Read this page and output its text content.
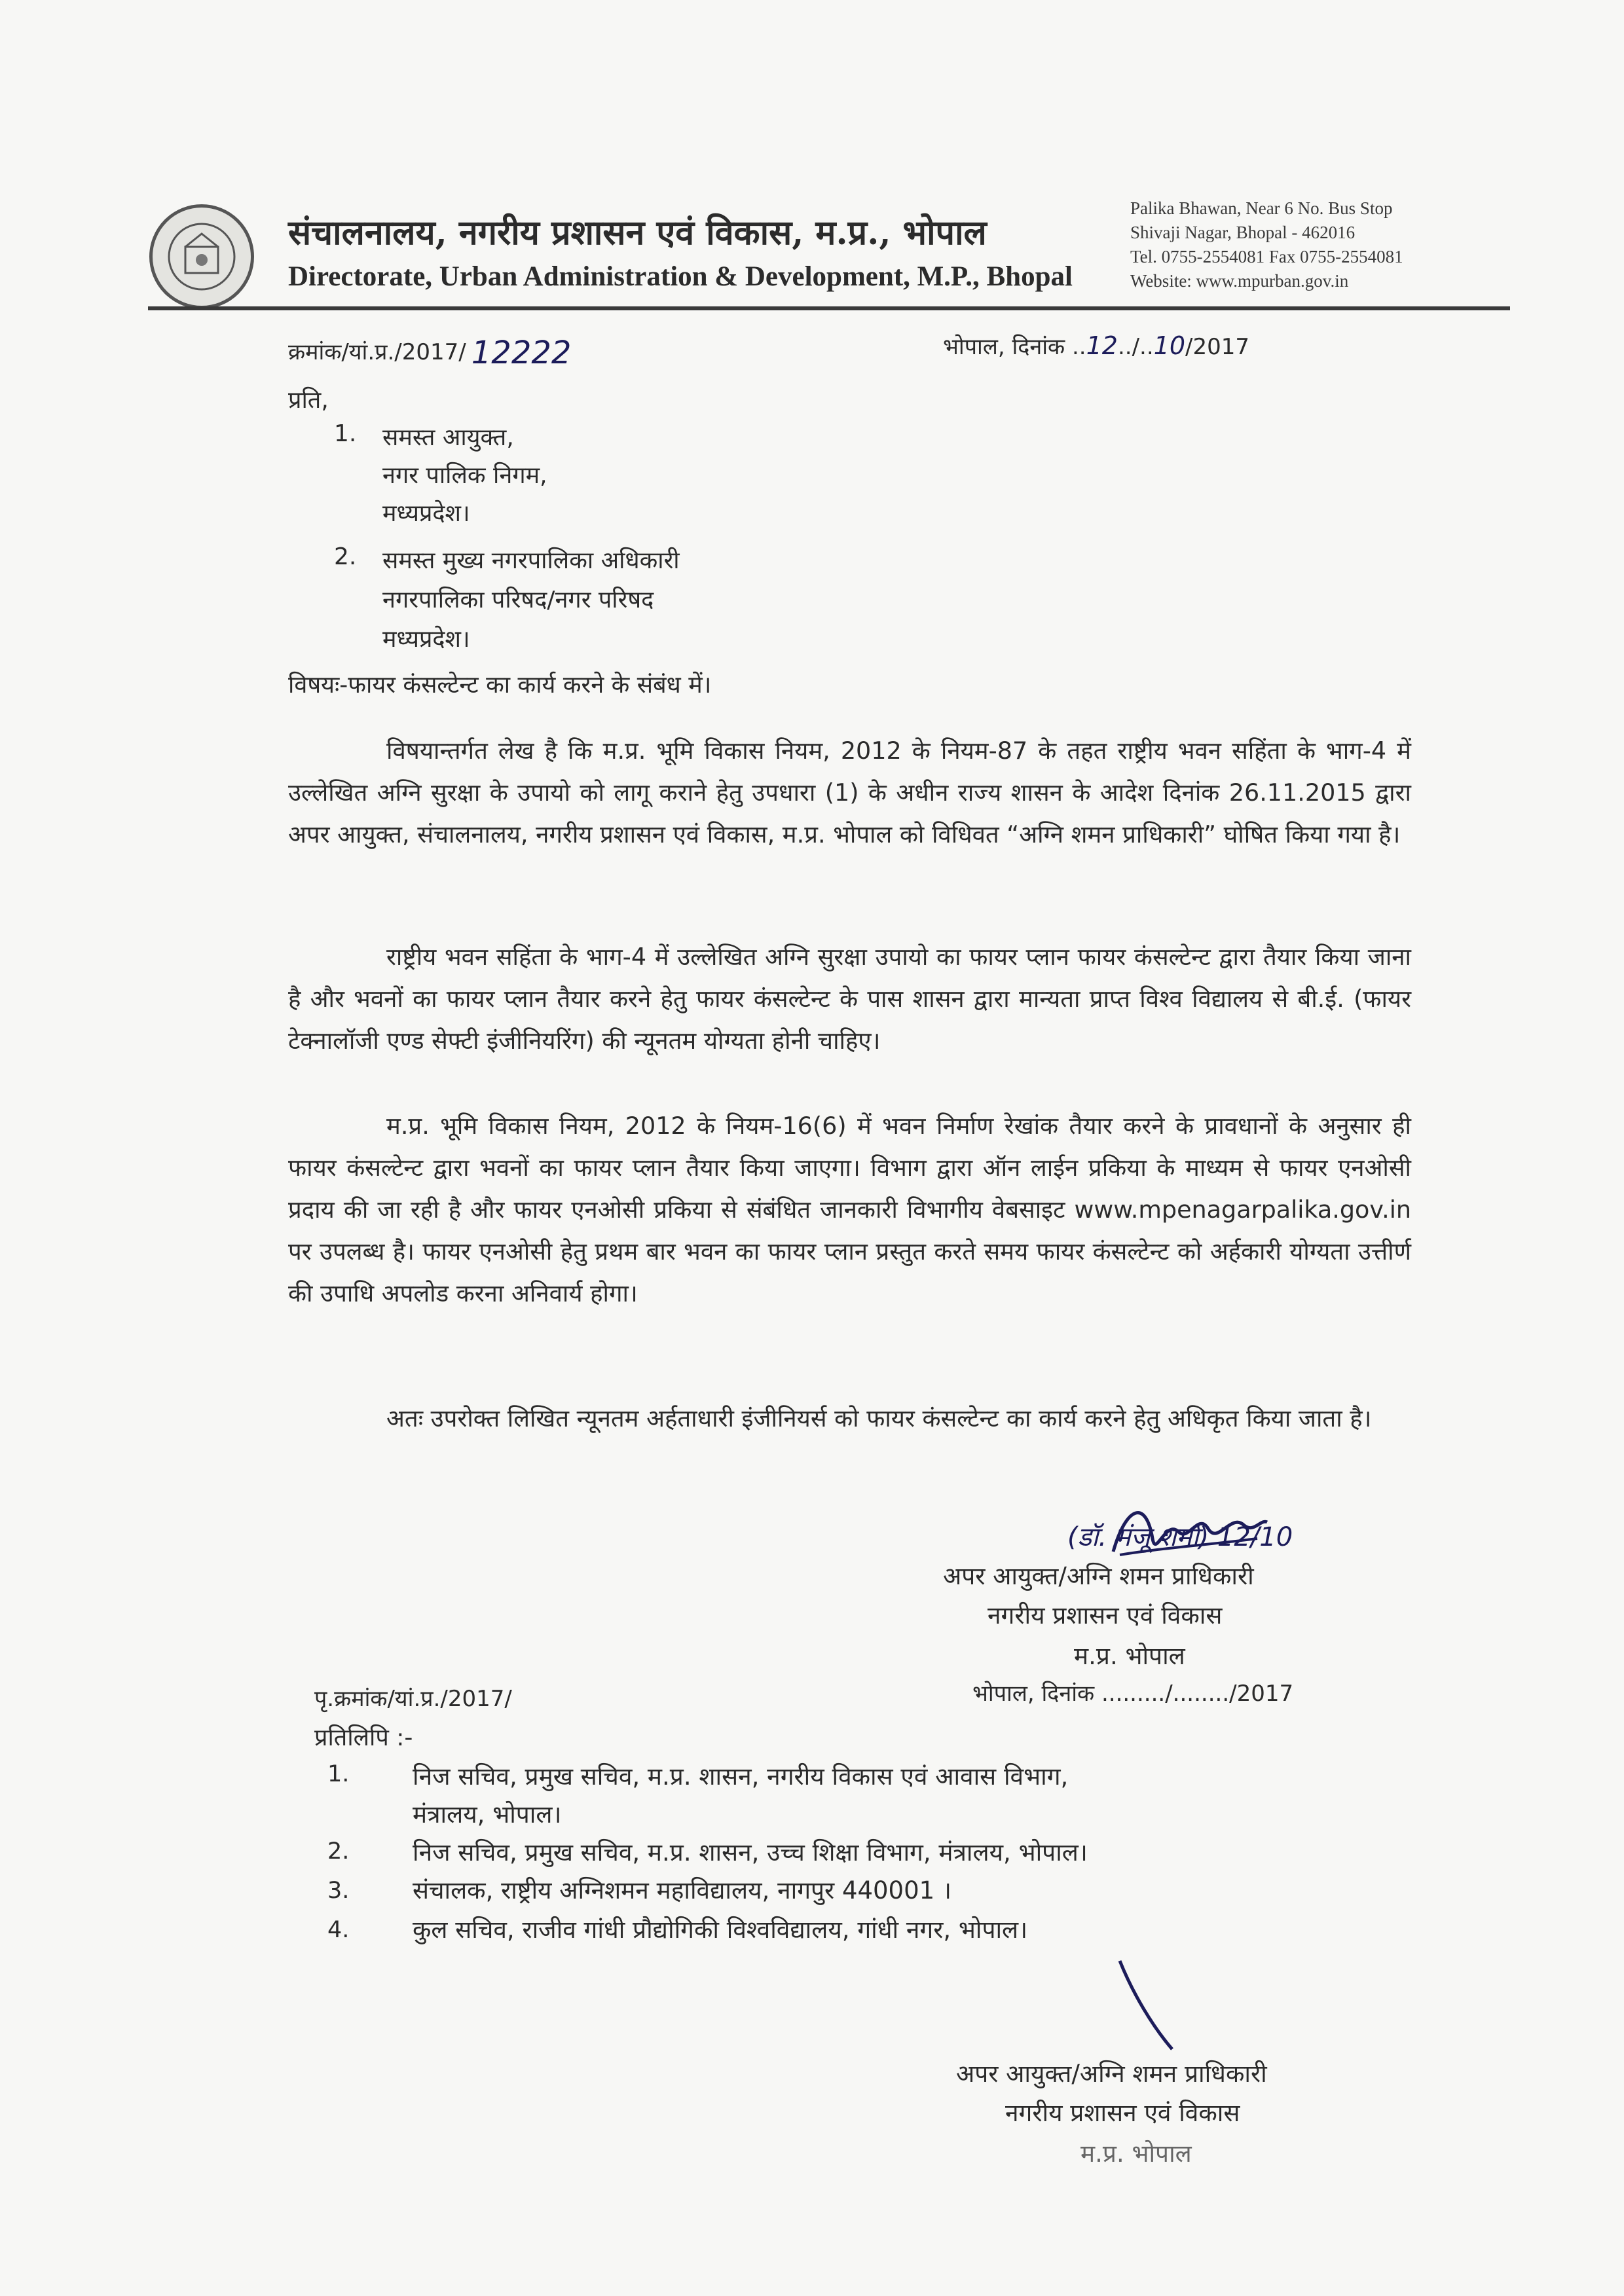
संचालनालय, नगरीय प्रशासन एवं विकास, म.प्र., भोपाल
Directorate, Urban Administration & Development, M.P., Bhopal
Palika Bhawan, Near 6 No. Bus Stop
Shivaji Nagar, Bhopal - 462016
Tel. 0755-2554081 Fax 0755-2554081
Website: www.mpurban.gov.in
क्रमांक/यां.प्र./2017/ 12222	भोपाल, दिनांक ..12../..10/2017
प्रति,
1. समस्त आयुक्त,
नगर पालिक निगम,
मध्यप्रदेश।
2. समस्त मुख्य नगरपालिका अधिकारी
नगरपालिका परिषद/नगर परिषद
मध्यप्रदेश।
विषयः-फायर कंसल्टेन्ट का कार्य करने के संबंध में।
विषयान्तर्गत लेख है कि म.प्र. भूमि विकास नियम, 2012 के नियम-87 के तहत राष्ट्रीय भवन सहिंता के भाग-4 में उल्लेखित अग्नि सुरक्षा के उपायो को लागू कराने हेतु उपधारा (1) के अधीन राज्य शासन के आदेश दिनांक 26.11.2015 द्वारा अपर आयुक्त, संचालनालय, नगरीय प्रशासन एवं विकास, म.प्र. भोपाल को विधिवत “अग्नि शमन प्राधिकारी” घोषित किया गया है।
राष्ट्रीय भवन सहिंता के भाग-4 में उल्लेखित अग्नि सुरक्षा उपायो का फायर प्लान फायर कंसल्टेन्ट द्वारा तैयार किया जाना है और भवनों का फायर प्लान तैयार करने हेतु फायर कंसल्टेन्ट के पास शासन द्वारा मान्यता प्राप्त विश्व विद्यालय से बी.ई. (फायर टेक्नालॉजी एण्ड सेफ्टी इंजीनियरिंग) की न्यूनतम योग्यता होनी चाहिए।
म.प्र. भूमि विकास नियम, 2012 के नियम-16(6) में भवन निर्माण रेखांक तैयार करने के प्रावधानों के अनुसार ही फायर कंसल्टेन्ट द्वारा भवनों का फायर प्लान तैयार किया जाएगा। विभाग द्वारा ऑन लाईन प्रकिया के माध्यम से फायर एनओसी प्रदाय की जा रही है और फायर एनओसी प्रकिया से संबंधित जानकारी विभागीय वेबसाइट www.mpenagarpalika.gov.in पर उपलब्ध है। फायर एनओसी हेतु प्रथम बार भवन का फायर प्लान प्रस्तुत करते समय फायर कंसल्टेन्ट को अर्हकारी योग्यता उत्तीर्ण की उपाधि अपलोड करना अनिवार्य होगा।
अतः उपरोक्त लिखित न्यूनतम अर्हताधारी इंजीनियर्स को फायर कंसल्टेन्ट का कार्य करने हेतु अधिकृत किया जाता है।
(डॉ. मंजू शर्मा) 12/10
अपर आयुक्त/अग्नि शमन प्राधिकारी
नगरीय प्रशासन एवं विकास
म.प्र. भोपाल
पृ.क्रमांक/यां.प्र./2017/	भोपाल, दिनांक ........./......../2017
प्रतिलिपि :-
1.	निज सचिव, प्रमुख सचिव, म.प्र. शासन, नगरीय विकास एवं आवास विभाग,
मंत्रालय, भोपाल।
2.	निज सचिव, प्रमुख सचिव, म.प्र. शासन, उच्च शिक्षा विभाग, मंत्रालय, भोपाल।
3.	संचालक, राष्ट्रीय अग्निशमन महाविद्यालय, नागपुर 440001 ।
4.	कुल सचिव, राजीव गांधी प्रौद्योगिकी विश्वविद्यालय, गांधी नगर, भोपाल।
अपर आयुक्त/अग्नि शमन प्राधिकारी
नगरीय प्रशासन एवं विकास
म.प्र. भोपाल
